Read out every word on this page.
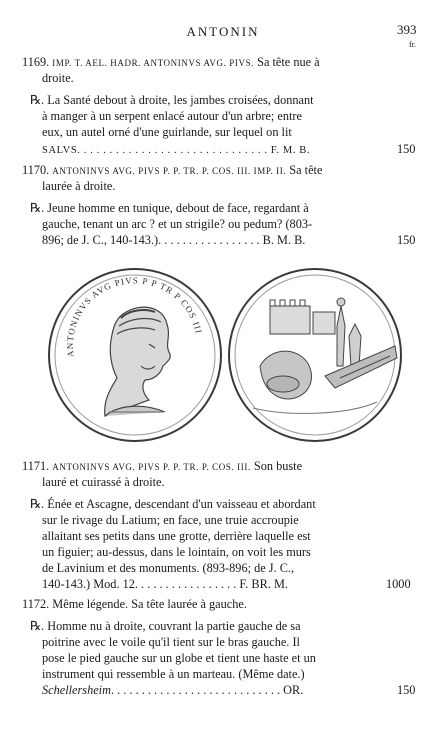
ANTONIN	393
fr.
1169. IMP. T. AEL. HADR. ANTONINVS AVG. PIVS. Sa tête nue à
droite.
℞. La Santé debout à droite, les jambes croisées, donnant
à manger à un serpent enlacé autour d'un arbre; entre
eux, un autel orné d'une guirlande, sur lequel on lit
SALVS. . . . . . . . . . . . . . . . . . . . . . . . . . . . . . F. M. B.	150
1170. ANTONINVS AVG. PIVS P. P. TR. P. COS. III. IMP. II. Sa tête
laurée à droite.
℞. Jeune homme en tunique, debout de face, regardant à
gauche, tenant un arc ? et un strigile? ou pedum? (803-
896; de J. C., 140-143.). . . . . . . . . . . . . . . . . B. M. B.	150
ANTONINVS AVG PIVS P P TR P COS III
1171. ANTONINVS AVG. PIVS P. P. TR. P. COS. III. Son buste
lauré et cuirassé à droite.
℞. Énée et Ascagne, descendant d'un vaisseau et abordant
sur le rivage du Latium; en face, une truie accroupie
allaitant ses petits dans une grotte, derrière laquelle est
un figuier; au-dessus, dans le lointain, on voit les murs
de Lavinium et des monuments. (893-896; de J. C.,
140-143.) Mod. 12. . . . . . . . . . . . . . . . . F. BR. M.	1000
1172. Même légende. Sa tête laurée à gauche.
℞. Homme nu à droite, couvrant la partie gauche de sa
poitrine avec le voile qu'il tient sur le bras gauche. Il
pose le pied gauche sur un globe et tient une haste et un
instrument qui ressemble à un marteau. (Même date.)
Schellersheim. . . . . . . . . . . . . . . . . . . . . . . . . . . . OR.	150
